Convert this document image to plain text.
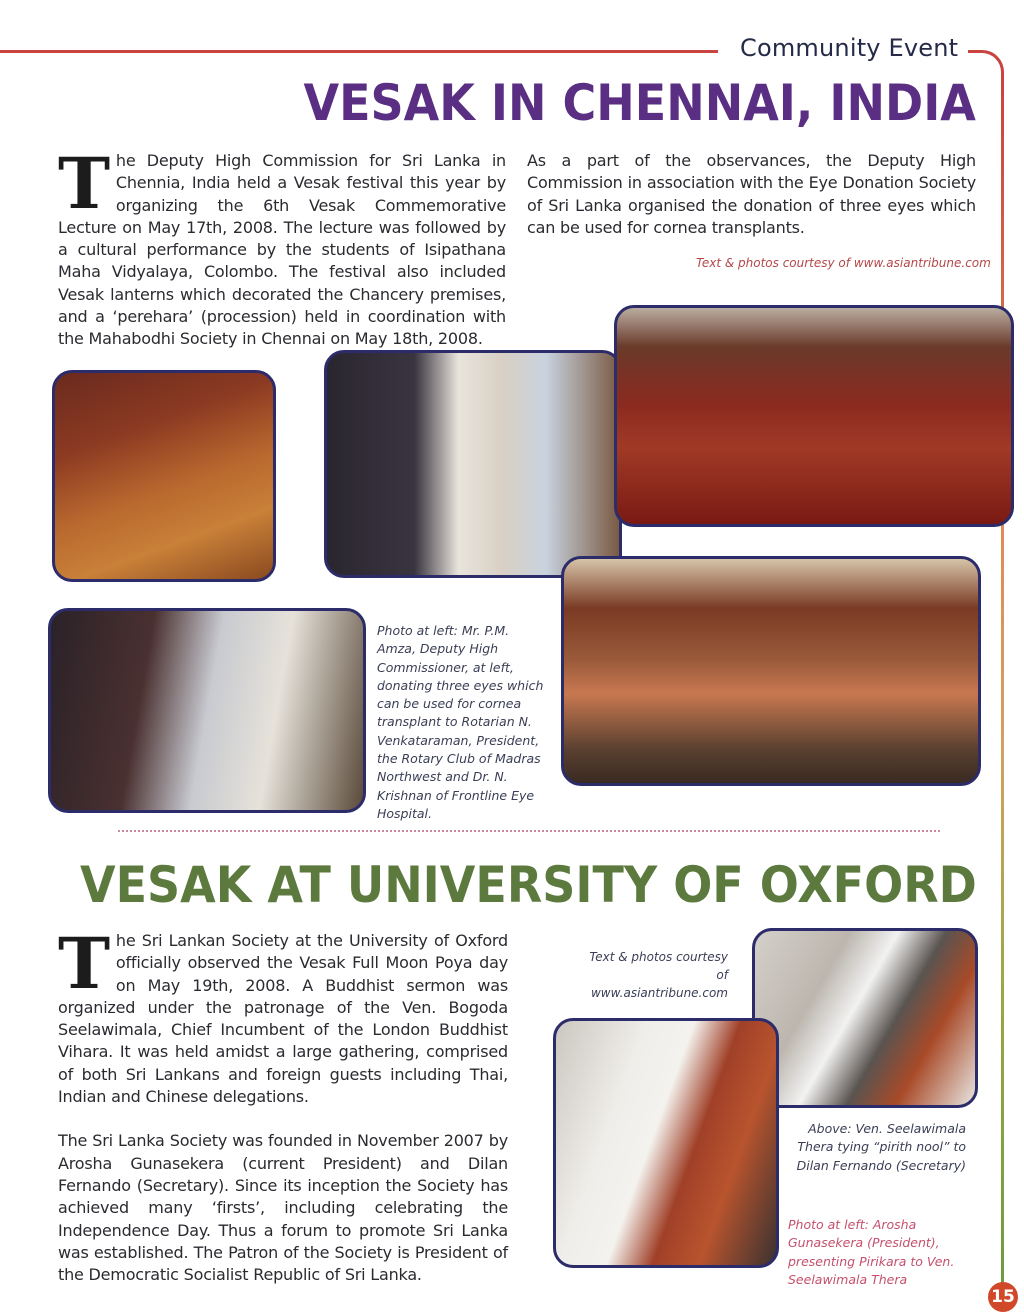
Community Event
VESAK IN CHENNAI, INDIA
The Deputy High Commission for Sri Lanka in Chennia, India held a Vesak festival this year by organizing the 6th Vesak Commemorative Lecture on May 17th, 2008. The lecture was followed by a cultural performance by the students of Isipathana Maha Vidyalaya, Colombo. The festival also included Vesak lanterns which decorated the Chancery premises, and a ‘perehara’ (procession) held in coordination with the Mahabodhi Society in Chennai on May 18th, 2008.
As a part of the observances, the Deputy High Commission in association with the Eye Donation Society of Sri Lanka organised the donation of three eyes which can be used for cornea transplants.
Text & photos courtesy of www.asiantribune.com
Photo at left: Mr. P.M. Amza, Deputy High Commissioner, at left, donating three eyes which can be used for cornea transplant to Rotarian N. Venkataraman, President, the Rotary Club of Madras Northwest and Dr. N. Krishnan of Frontline Eye Hospital.
VESAK AT UNIVERSITY OF OXFORD
The Sri Lankan Society at the University of Oxford officially observed the Vesak Full Moon Poya day on May 19th, 2008. A Buddhist sermon was organized under the patronage of the Ven. Bogoda Seelawimala, Chief Incumbent of the London Buddhist Vihara. It was held amidst a large gathering, comprised of both Sri Lankans and foreign guests including Thai, Indian and Chinese delegations.
The Sri Lanka Society was founded in November 2007 by Arosha Gunasekera (current President) and Dilan Fernando (Secretary). Since its inception the Society has achieved many ‘firsts’, including celebrating the Independence Day. Thus a forum to promote Sri Lanka was established. The Patron of the Society is President of the Democratic Socialist Republic of Sri Lanka.
Text & photos courtesy of
www.asiantribune.com
Above: Ven. Seelawimala Thera tying “pirith nool” to Dilan Fernando (Secretary)
Photo at left: Arosha Gunasekera (President), presenting Pirikara to Ven. Seelawimala Thera
15
